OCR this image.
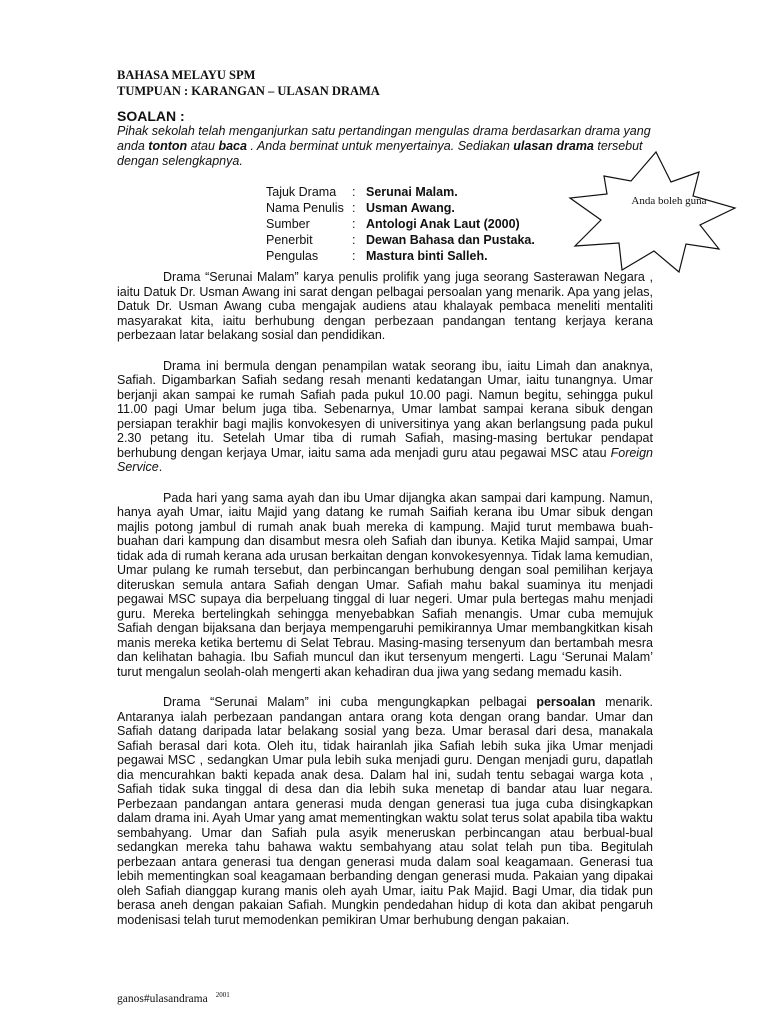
BAHASA MELAYU SPM
TUMPUAN : KARANGAN – ULASAN DRAMA
SOALAN :
Pihak sekolah telah menganjurkan satu pertandingan mengulas drama berdasarkan drama yang anda tonton atau baca . Anda berminat untuk menyertainya. Sediakan ulasan drama tersebut dengan selengkapnya.
Tajuk Drama : Serunai Malam.
Nama Penulis : Usman Awang.
Sumber	: Antologi Anak Laut (2000)
Penerbit	: Dewan Bahasa dan Pustaka.
Pengulas	: Mastura binti Salleh.
Anda boleh guna

Drama “Serunai Malam” karya penulis prolifik yang juga seorang Sasterawan Negara , iaitu Datuk Dr. Usman Awang ini sarat dengan pelbagai persoalan yang menarik. Apa yang jelas, Datuk Dr. Usman Awang cuba mengajak audiens atau khalayak pembaca meneliti mentaliti masyarakat kita, iaitu berhubung dengan perbezaan pandangan tentang kerjaya kerana perbezaan latar belakang sosial dan pendidikan.

Drama ini bermula dengan penampilan watak seorang ibu, iaitu Limah dan anaknya, Safiah. Digambarkan Safiah sedang resah menanti kedatangan Umar, iaitu tunangnya. Umar berjanji akan sampai ke rumah Safiah pada pukul 10.00 pagi. Namun begitu, sehingga pukul 11.00 pagi Umar belum juga tiba. Sebenarnya, Umar lambat sampai kerana sibuk dengan persiapan terakhir bagi majlis konvokesyen di universitinya yang akan berlangsung pada pukul 2.30 petang itu. Setelah Umar tiba di rumah Safiah, masing-masing bertukar pendapat berhubung dengan kerjaya Umar, iaitu sama ada menjadi guru atau pegawai MSC atau Foreign Service.

Pada hari yang sama ayah dan ibu Umar dijangka akan sampai dari kampung. Namun, hanya ayah Umar, iaitu Majid yang datang ke rumah Saifiah kerana ibu Umar sibuk dengan majlis potong jambul di rumah anak buah mereka di kampung. Majid turut membawa buah-buahan dari kampung dan disambut mesra oleh Safiah dan ibunya. Ketika Majid sampai, Umar tidak ada di rumah kerana ada urusan berkaitan dengan konvokesyennya. Tidak lama kemudian, Umar pulang ke rumah tersebut, dan perbincangan berhubung dengan soal pemilihan kerjaya diteruskan semula antara Safiah dengan Umar. Safiah mahu bakal suaminya itu menjadi pegawai MSC supaya dia berpeluang tinggal di luar negeri. Umar pula bertegas mahu menjadi guru. Mereka bertelingkah sehingga menyebabkan Safiah menangis. Umar cuba memujuk Safiah dengan bijaksana dan berjaya mempengaruhi pemikirannya Umar membangkitkan kisah manis mereka ketika bertemu di Selat Tebrau. Masing-masing tersenyum dan bertambah mesra dan kelihatan bahagia. Ibu Safiah muncul dan ikut tersenyum mengerti. Lagu ‘Serunai Malam’ turut mengalun seolah-olah mengerti akan kehadiran dua jiwa yang sedang memadu kasih.

Drama “Serunai Malam” ini cuba mengungkapkan pelbagai persoalan menarik. Antaranya ialah perbezaan pandangan antara orang kota dengan orang bandar. Umar dan Safiah datang daripada latar belakang sosial yang beza. Umar berasal dari desa, manakala Safiah berasal dari kota. Oleh itu, tidak hairanlah jika Safiah lebih suka jika Umar menjadi pegawai MSC , sedangkan Umar pula lebih suka menjadi guru. Dengan menjadi guru, dapatlah dia mencurahkan bakti kepada anak desa. Dalam hal ini, sudah tentu sebagai warga kota , Safiah tidak suka tinggal di desa dan dia lebih suka menetap di bandar atau luar negara. Perbezaan pandangan antara generasi muda dengan generasi tua juga cuba disingkapkan dalam drama ini. Ayah Umar yang amat mementingkan waktu solat terus solat apabila tiba waktu sembahyang. Umar dan Safiah pula asyik meneruskan perbincangan atau berbual-bual sedangkan mereka tahu bahawa waktu sembahyang atau solat telah pun tiba. Begitulah perbezaan antara generasi tua dengan generasi muda dalam soal keagamaan. Generasi tua lebih mementingkan soal keagamaan berbanding dengan generasi muda. Pakaian yang dipakai oleh Safiah dianggap kurang manis oleh ayah Umar, iaitu Pak Majid. Bagi Umar, dia tidak pun berasa aneh dengan pakaian Safiah. Mungkin pendedahan hidup di kota dan akibat pengaruh modenisasi telah turut memodenkan pemikiran Umar berhubung dengan pakaian.

ganos#ulasandrama $^{2001}$
